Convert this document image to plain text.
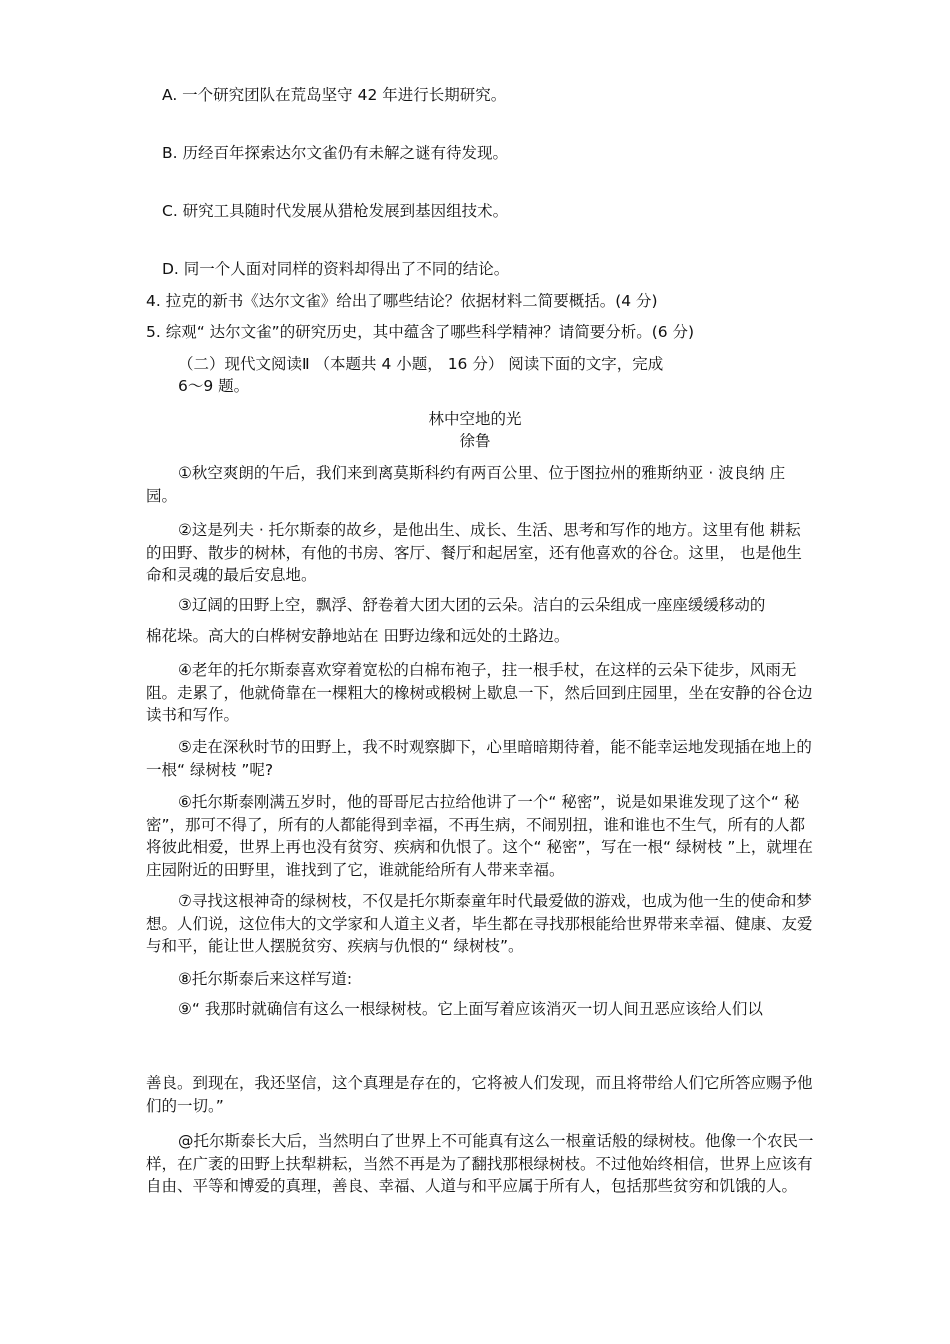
A. 一个研究团队在荒岛坚守 42 年进行长期研究。
B. 历经百年探索达尔文雀仍有未解之谜有待发现。
C. 研究工具随时代发展从猎枪发展到基因组技术。
D. 同一个人面对同样的资料却得出了不同的结论。
4. 拉克的新书《达尔文雀》给出了哪些结论？依据材料二简要概括。(4 分)
5. 综观“ 达尔文雀”的研究历史，其中蕴含了哪些科学精神？请简要分析。(6 分)
（二）现代文阅读Ⅱ （本题共 4 小题， 16 分） 阅读下面的文字，完成
6～9 题。
林中空地的光
徐鲁
①秋空爽朗的午后，我们来到离莫斯科约有两百公里、位于图拉州的雅斯纳亚 · 波良纳 庄园。
②这是列夫 · 托尔斯泰的故乡，是他出生、成长、生活、思考和写作的地方。这里有他 耕耘的田野、散步的树林，有他的书房、客厅、餐厅和起居室，还有他喜欢的谷仓。这里， 也是他生命和灵魂的最后安息地。
③辽阔的田野上空，飘浮、舒卷着大团大团的云朵。洁白的云朵组成一座座缓缓移动的
棉花垛。高大的白桦树安静地站在 田野边缘和远处的土路边。
④老年的托尔斯泰喜欢穿着宽松的白棉布袍子，拄一根手杖，在这样的云朵下徒步，风雨无阻。走累了，他就倚靠在一棵粗大的橡树或椴树上歇息一下，然后回到庄园里，坐在安静的谷仓边读书和写作。
⑤走在深秋时节的田野上，我不时观察脚下，心里暗暗期待着，能不能幸运地发现插在地上的一根“ 绿树枝 ”呢?
⑥托尔斯泰刚满五岁时，他的哥哥尼古拉给他讲了一个“ 秘密”，说是如果谁发现了这个“ 秘密”，那可不得了，所有的人都能得到幸福，不再生病，不闹别扭，谁和谁也不生气，所有的人都将彼此相爱，世界上再也没有贫穷、疾病和仇恨了。这个“ 秘密”，写在一根“ 绿树枝 ”上，就埋在庄园附近的田野里，谁找到了它，谁就能给所有人带来幸福。
⑦寻找这根神奇的绿树枝，不仅是托尔斯泰童年时代最爱做的游戏，也成为他一生的使命和梦想。人们说，这位伟大的文学家和人道主义者，毕生都在寻找那根能给世界带来幸福、健康、友爱与和平，能让世人摆脱贫穷、疾病与仇恨的“ 绿树枝”。
⑧托尔斯泰后来这样写道:
⑨“ 我那时就确信有这么一根绿树枝。它上面写着应该消灭一切人间丑恶应该给人们以
善良。到现在，我还坚信，这个真理是存在的，它将被人们发现，而且将带给人们它所答应赐予他们的一切。”
@托尔斯泰长大后，当然明白了世界上不可能真有这么一根童话般的绿树枝。他像一个农民一样，在广袤的田野上扶犁耕耘，当然不再是为了翻找那根绿树枝。不过他始终相信，世界上应该有自由、平等和博爱的真理，善良、幸福、人道与和平应属于所有人，包括那些贫穷和饥饿的人。
